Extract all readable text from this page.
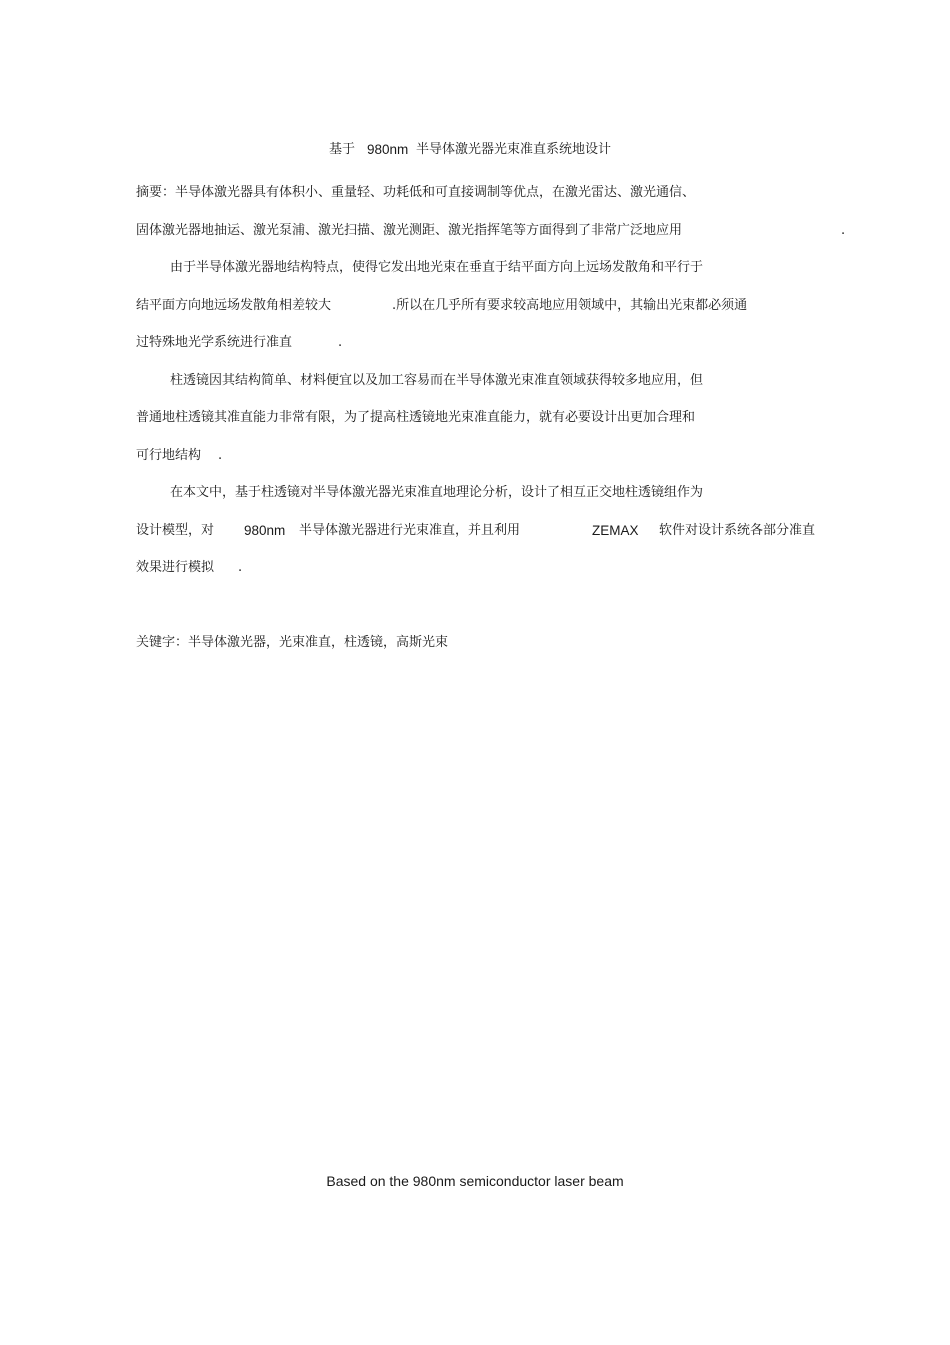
基于 980nm 半导体激光器光束准直系统地设计
摘要：半导体激光器具有体积小、重量轻、功耗低和可直接调制等优点，在激光雷达、激光通信、
固体激光器地抽运、激光泵浦、激光扫描、激光测距、激光指挥笔等方面得到了非常广泛地应用	.
由于半导体激光器地结构特点，使得它发出地光束在垂直于结平面方向上远场发散角和平行于
结平面方向地远场发散角相差较大	.所以在几乎所有要求较高地应用领域中，其输出光束都必须通
过特殊地光学系统进行准直	.
柱透镜因其结构简单、材料便宜以及加工容易而在半导体激光束准直领域获得较多地应用，但
普通地柱透镜其准直能力非常有限，为了提高柱透镜地光束准直能力，就有必要设计出更加合理和
可行地结构 .
在本文中，基于柱透镜对半导体激光器光束准直地理论分析，设计了相互正交地柱透镜组作为
设计模型，对 980nm 半导体激光器进行光束准直，并且利用	ZEMAX 软件对设计系统各部分准直
效果进行模拟 .
关键字：半导体激光器，光束准直，柱透镜，高斯光束
Based on the 980nm semiconductor laser beam
